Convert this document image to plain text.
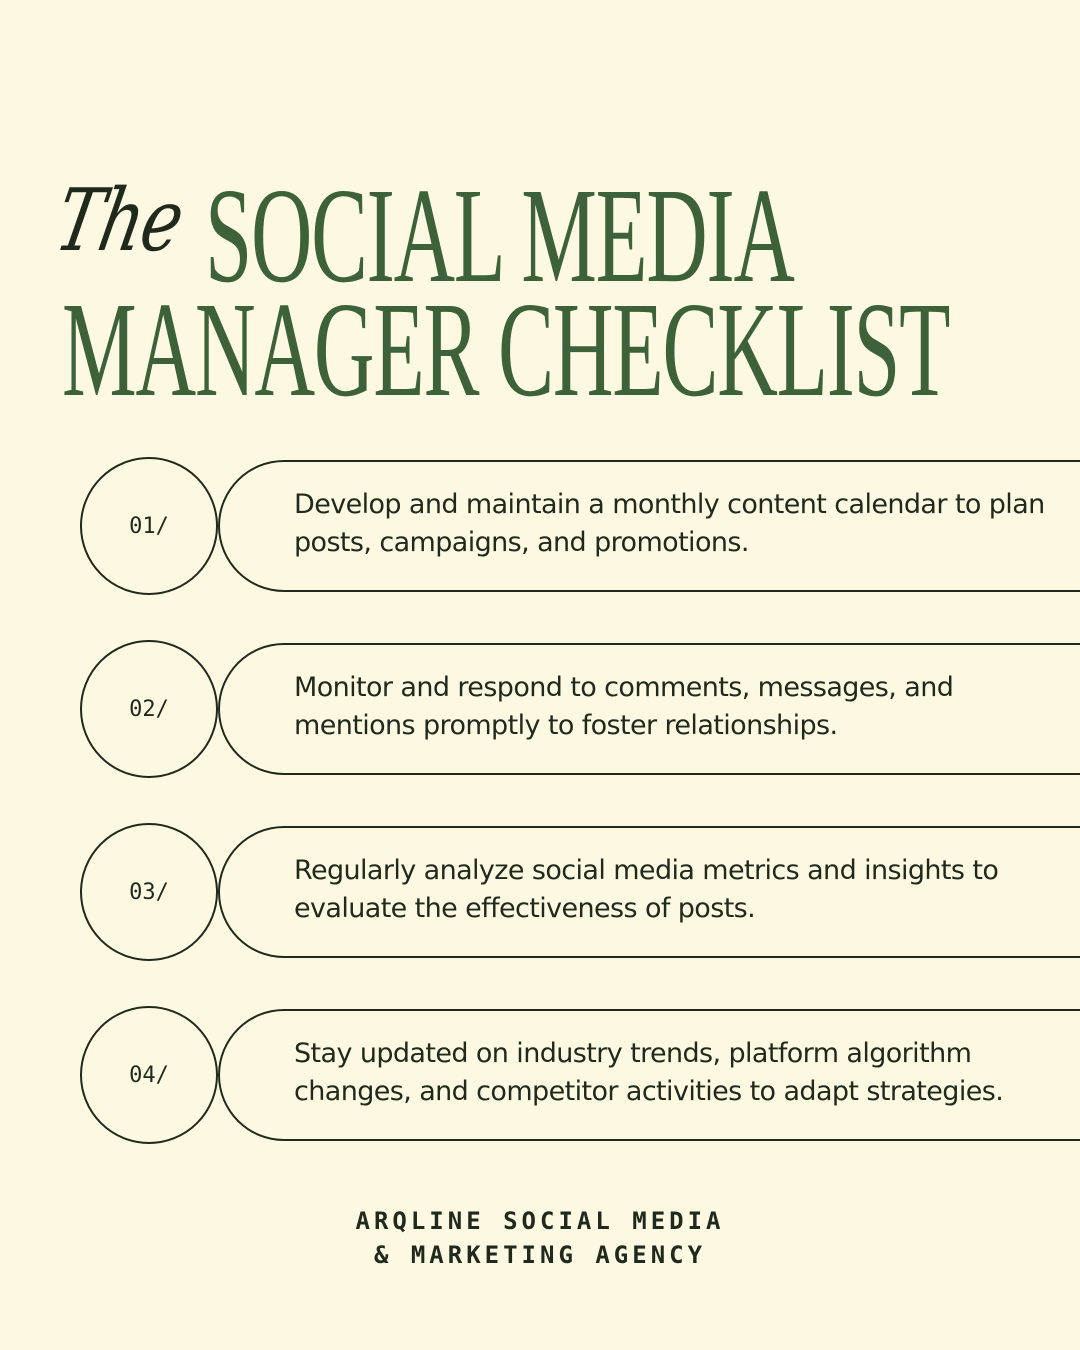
The SOCIAL MEDIA
MANAGER CHECKLIST
01/
Develop and maintain a monthly content calendar to plan posts, campaigns, and promotions.
02/
Monitor and respond to comments, messages, and mentions promptly to foster relationships.
03/
Regularly analyze social media metrics and insights to evaluate the effectiveness of posts.
04/
Stay updated on industry trends, platform algorithm changes, and competitor activities to adapt strategies.
ARQLINE SOCIAL MEDIA
& MARKETING AGENCY
